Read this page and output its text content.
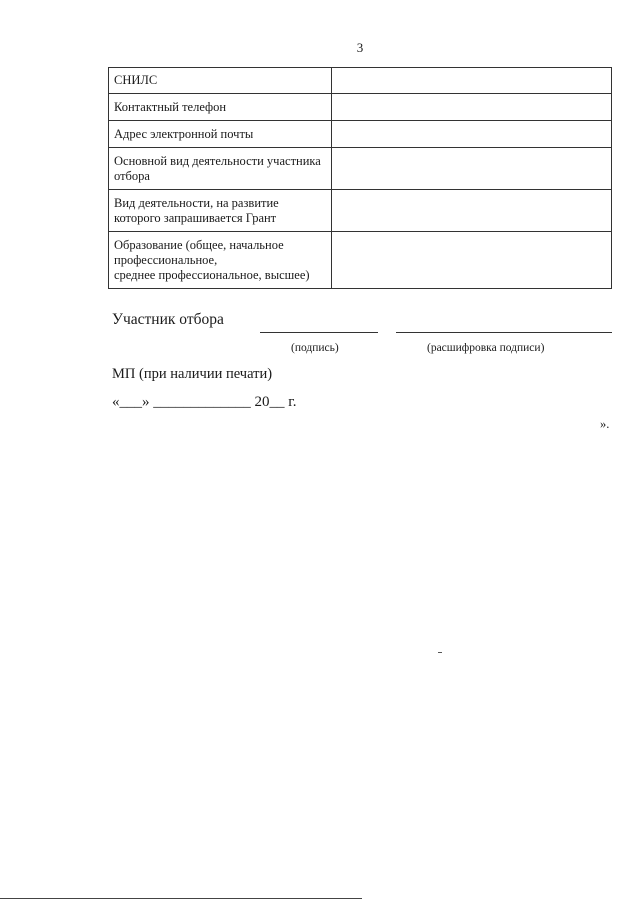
3
СНИЛС	
Контактный телефон	
Адрес электронной почты	
Основной вид деятельности участника отбора	
Вид деятельности, на развитие которого запрашивается Грант	
Образование (общее, начальное профессиональное,
среднее профессиональное, высшее)	
Участник отбора
(подпись)	(расшифровка подписи)
МП (при наличии печати)
«___» _____________ 20__ г.
».
